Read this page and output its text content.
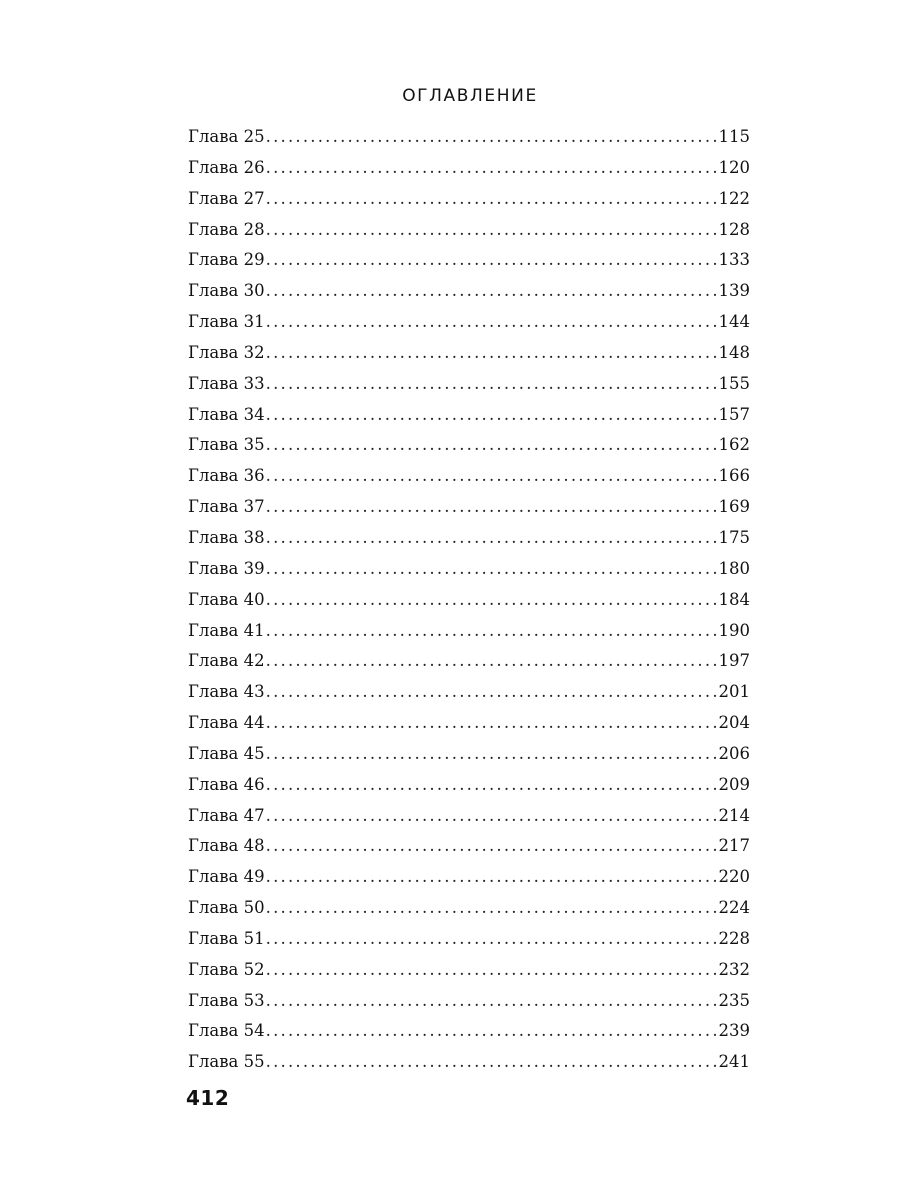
ОГЛАВЛЕНИЕ
Глава 25 .....	115
Глава 26 .....	120
Глава 27 .....	122
Глава 28 .....	128
Глава 29 .....	133
Глава 30 .....	139
Глава 31 .....	144
Глава 32 .....	148
Глава 33 .....	155
Глава 34 .....	157
Глава 35 .....	162
Глава 36 .....	166
Глава 37 .....	169
Глава 38 .....	175
Глава 39 .....	180
Глава 40 .....	184
Глава 41 .....	190
Глава 42 .....	197
Глава 43 .....	201
Глава 44 .....	204
Глава 45 .....	206
Глава 46 .....	209
Глава 47 .....	214
Глава 48 .....	217
Глава 49 .....	220
Глава 50 .....	224
Глава 51 .....	228
Глава 52 .....	232
Глава 53 .....	235
Глава 54 .....	239
Глава 55 .....	241
412
